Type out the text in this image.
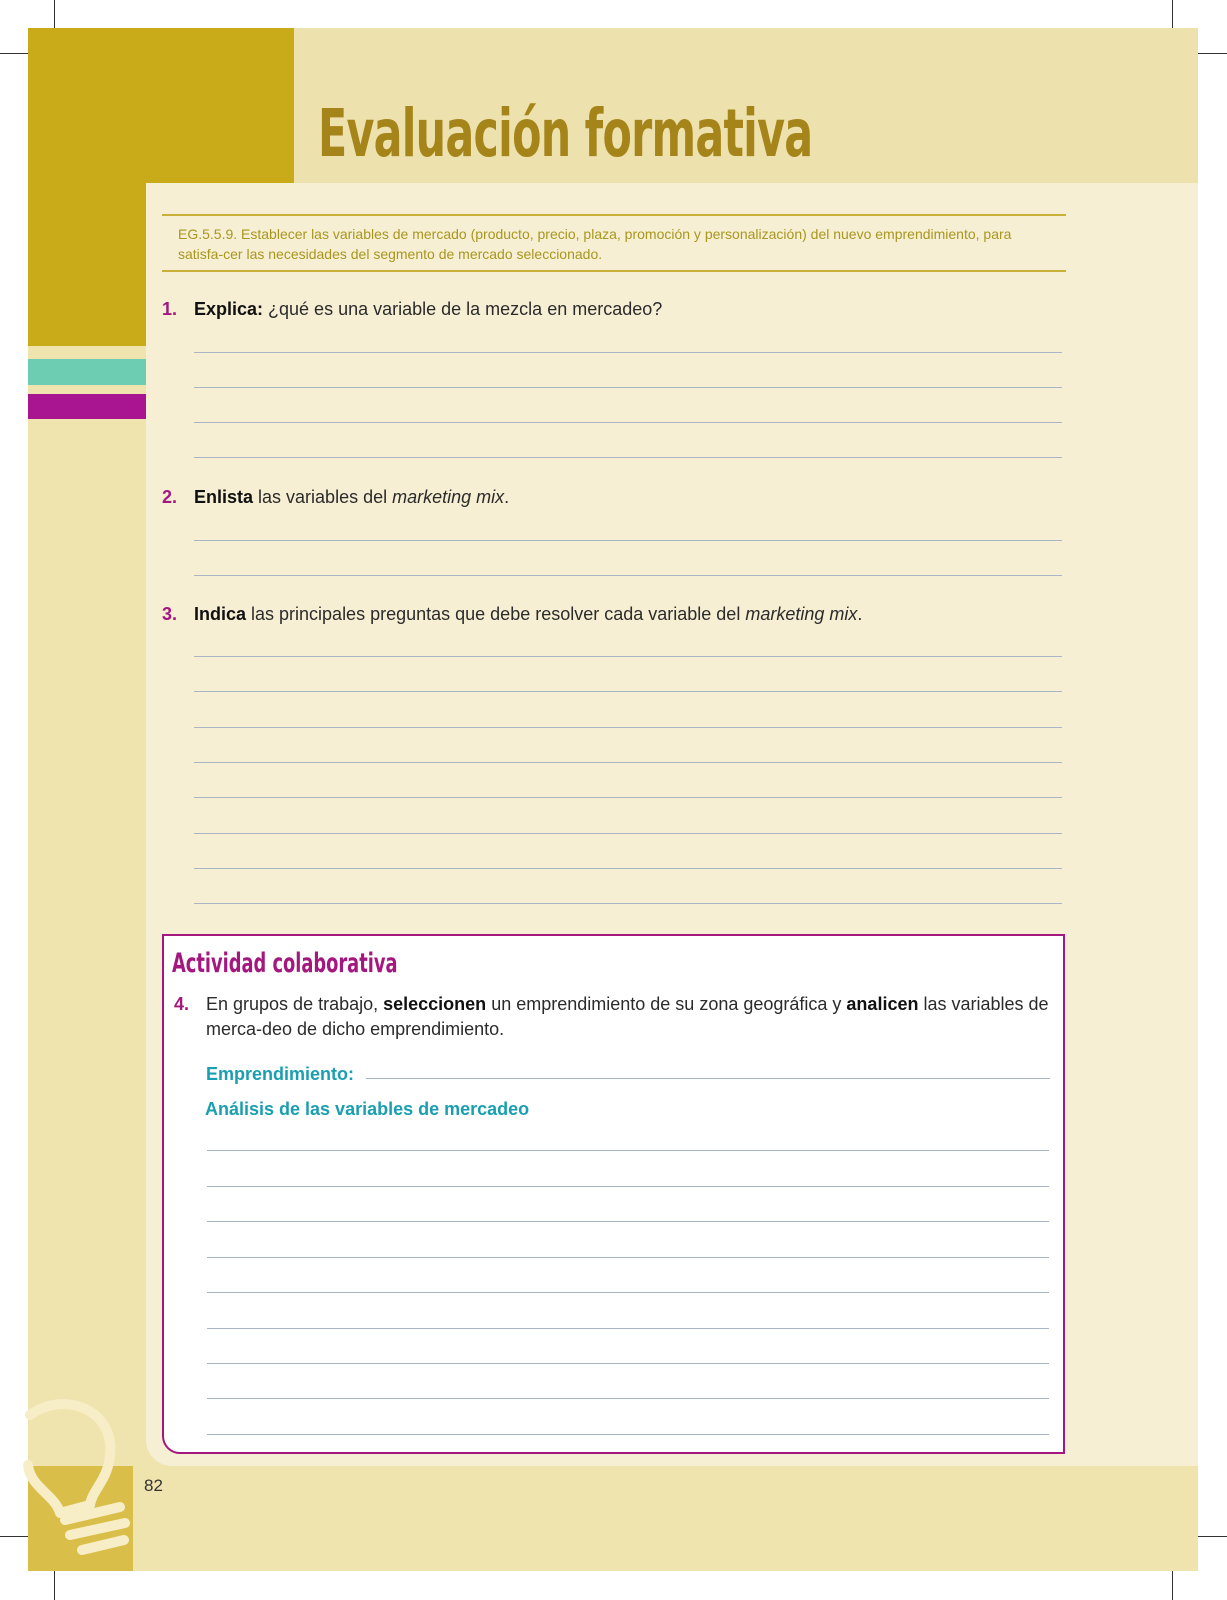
Evaluación formativa
EG.5.5.9. Establecer las variables de mercado (producto, precio, plaza, promoción y personalización) del nuevo emprendimiento, para satisfa-cer las necesidades del segmento de mercado seleccionado.
1. Explica: ¿qué es una variable de la mezcla en mercadeo?
2. Enlista las variables del marketing mix.
3. Indica las principales preguntas que debe resolver cada variable del marketing mix.
Actividad colaborativa
4. En grupos de trabajo, seleccionen un emprendimiento de su zona geográfica y analicen las variables de merca-deo de dicho emprendimiento.
Emprendimiento:
Análisis de las variables de mercadeo
82
